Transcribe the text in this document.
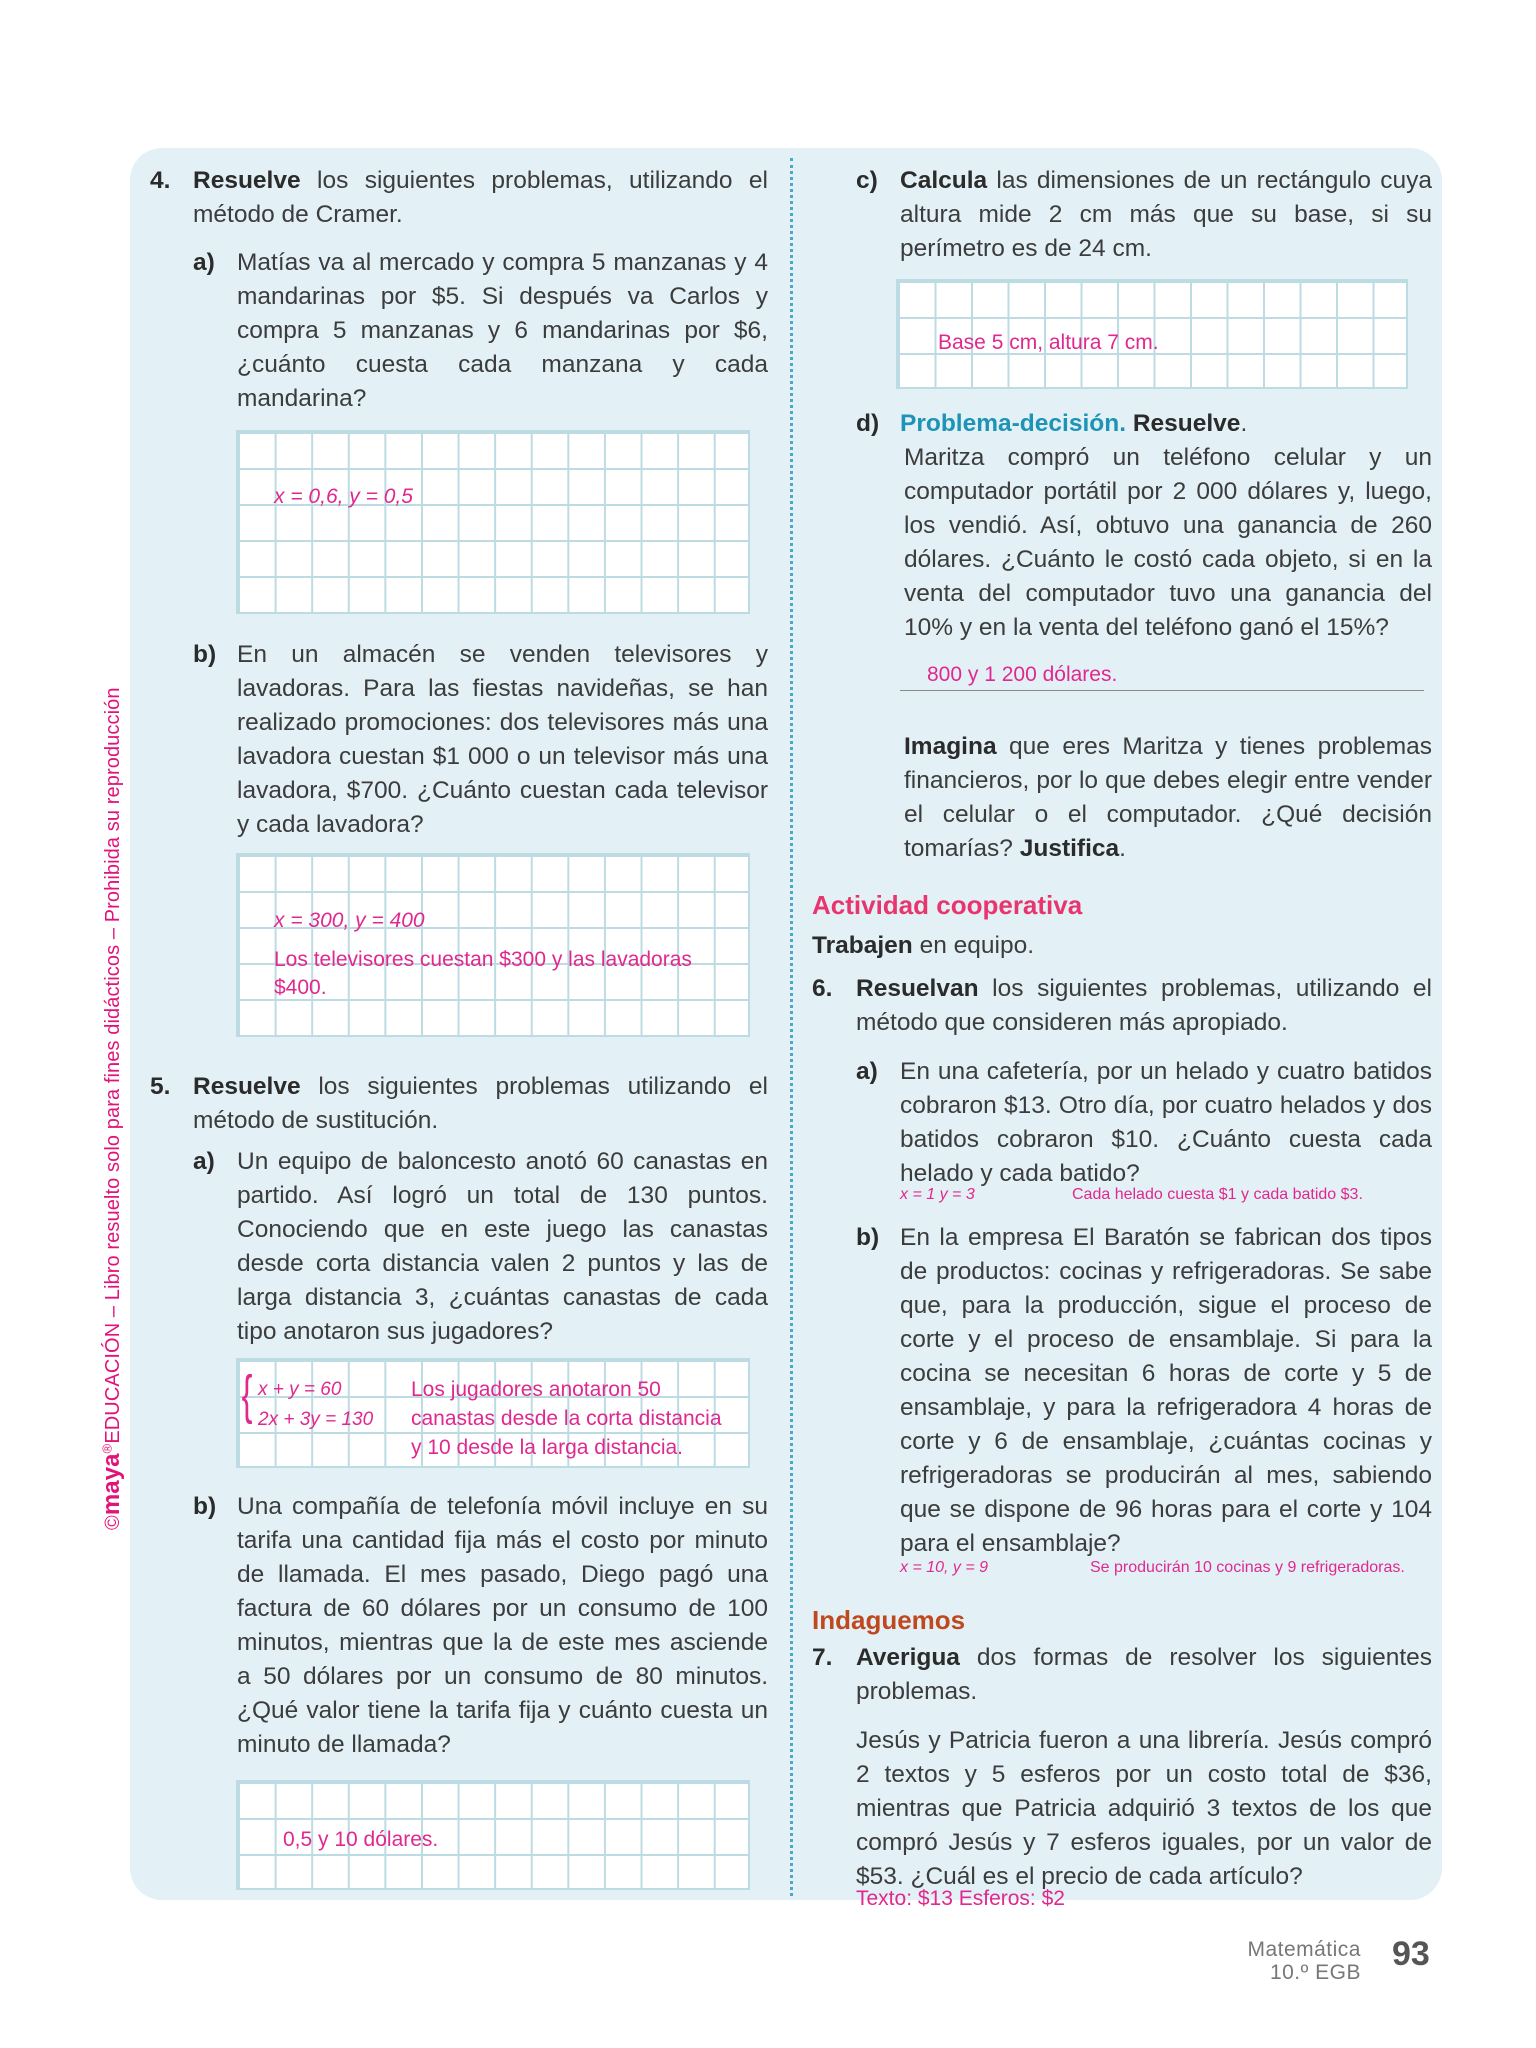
©maya®EDUCACIÓN – Libro resuelto solo para fines didácticos – Prohibida su reproducción
4. Resuelve los siguientes problemas, utilizando el método de Cramer.
a) Matías va al mercado y compra 5 manzanas y 4 mandarinas por $5. Si después va Carlos y compra 5 manzanas y 6 mandarinas por $6, ¿cuánto cuesta cada manzana y cada mandarina?
x = 0,6, y = 0,5
b) En un almacén se venden televisores y lavadoras. Para las fiestas navideñas, se han realizado promociones: dos televisores más una lavadora cuestan $1 000 o un televisor más una lavadora, $700. ¿Cuánto cuestan cada televisor y cada lavadora?
x = 300, y = 400
Los televisores cuestan $300 y las lavadoras
$400.
5. Resuelve los siguientes problemas utilizando el método de sustitución.
a) Un equipo de baloncesto anotó 60 canastas en partido. Así logró un total de 130 puntos. Conociendo que en este juego las canastas desde corta distancia valen 2 puntos y las de larga distancia 3, ¿cuántas canastas de cada tipo anotaron sus jugadores?
{ x + y = 60
2x + 3y = 130
Los jugadores anotaron 50
canastas desde la corta distancia
y 10 desde la larga distancia.
b) Una compañía de telefonía móvil incluye en su tarifa una cantidad fija más el costo por minuto de llamada. El mes pasado, Diego pagó una factura de 60 dólares por un consumo de 100 minutos, mientras que la de este mes asciende a 50 dólares por un consumo de 80 minutos. ¿Qué valor tiene la tarifa fija y cuánto cuesta un minuto de llamada?
0,5 y 10 dólares.
c) Calcula las dimensiones de un rectángulo cuya altura mide 2 cm más que su base, si su perímetro es de 24 cm.
Base 5 cm, altura 7 cm.
d) Problema-decisión. Resuelve.
Maritza compró un teléfono celular y un computador portátil por 2 000 dólares y, luego, los vendió. Así, obtuvo una ganancia de 260 dólares. ¿Cuánto le costó cada objeto, si en la venta del computador tuvo una ganancia del 10% y en la venta del teléfono ganó el 15%?
800 y 1 200 dólares.
Imagina que eres Maritza y tienes problemas financieros, por lo que debes elegir entre vender el celular o el computador. ¿Qué decisión tomarías? Justifica.
Actividad cooperativa
Trabajen en equipo.
6. Resuelvan los siguientes problemas, utilizando el método que consideren más apropiado.
a) En una cafetería, por un helado y cuatro batidos cobraron $13. Otro día, por cuatro helados y dos batidos cobraron $10. ¿Cuánto cuesta cada helado y cada batido?
x = 1 y = 3	Cada helado cuesta $1 y cada batido $3.
b) En la empresa El Baratón se fabrican dos tipos de productos: cocinas y refrigeradoras. Se sabe que, para la producción, sigue el proceso de corte y el proceso de ensamblaje. Si para la cocina se necesitan 6 horas de corte y 5 de ensamblaje, y para la refrigeradora 4 horas de corte y 6 de ensamblaje, ¿cuántas cocinas y refrigeradoras se producirán al mes, sabiendo que se dispone de 96 horas para el corte y 104 para el ensamblaje?
x = 10, y = 9	Se producirán 10 cocinas y 9 refrigeradoras.
Indaguemos
7. Averigua dos formas de resolver los siguientes problemas.
Jesús y Patricia fueron a una librería. Jesús compró 2 textos y 5 esferos por un costo total de $36, mientras que Patricia adquirió 3 textos de los que compró Jesús y 7 esferos iguales, por un valor de $53. ¿Cuál es el precio de cada artículo?
Texto: $13 Esferos: $2
Matemática
10.º EGB 93
